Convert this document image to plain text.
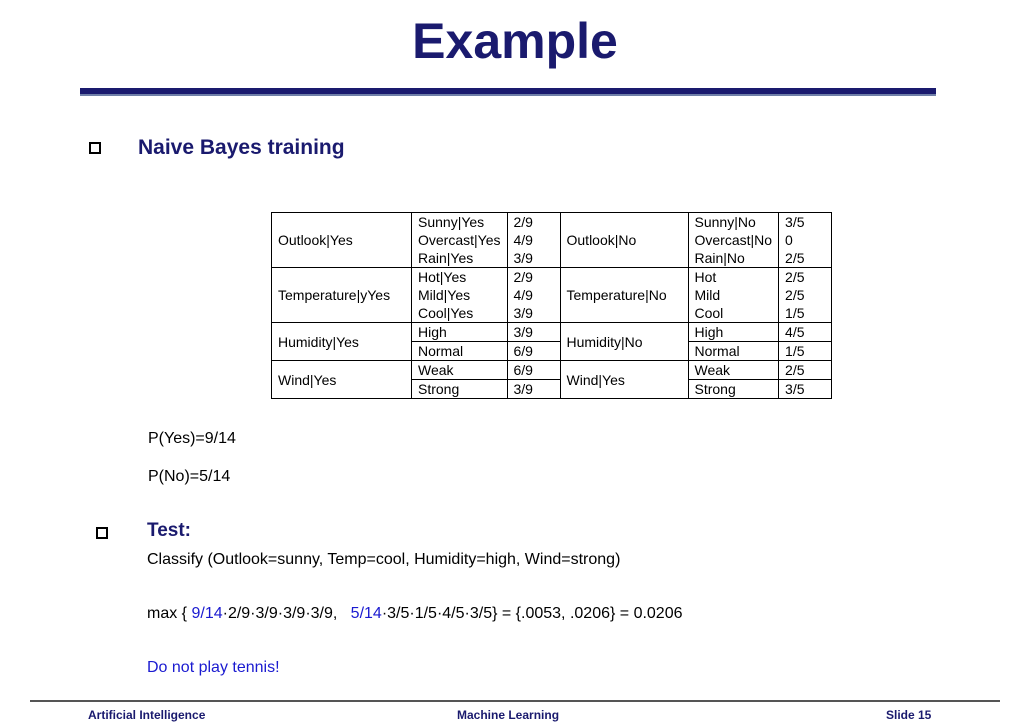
Example
Naive Bayes training
Outlook|Yes	Sunny|Yes	2/9	Outlook|No	Sunny|No	3/5
	Overcast|Yes	4/9		Overcast|No	0
	Rain|Yes	3/9		Rain|No	2/5
Temperature|yYes	Hot|Yes	2/9	Temperature|No	Hot	2/5
	Mild|Yes	4/9		Mild	2/5
	Cool|Yes	3/9		Cool	1/5
Humidity|Yes	High	3/9	Humidity|No	High	4/5
	Normal	6/9		Normal	1/5
Wind|Yes	Weak	6/9	Wind|Yes	Weak	2/5
	Strong	3/9		Strong	3/5
P(Yes)=9/14
P(No)=5/14
Test:
Classify (Outlook=sunny, Temp=cool, Humidity=high, Wind=strong)
max { 9/14·2/9·3/9·3/9·3/9,   5/14·3/5·1/5·4/5·3/5} = {.0053, .0206} = 0.0206
Do not play tennis!
Artificial Intelligence	Machine Learning	Slide 15
